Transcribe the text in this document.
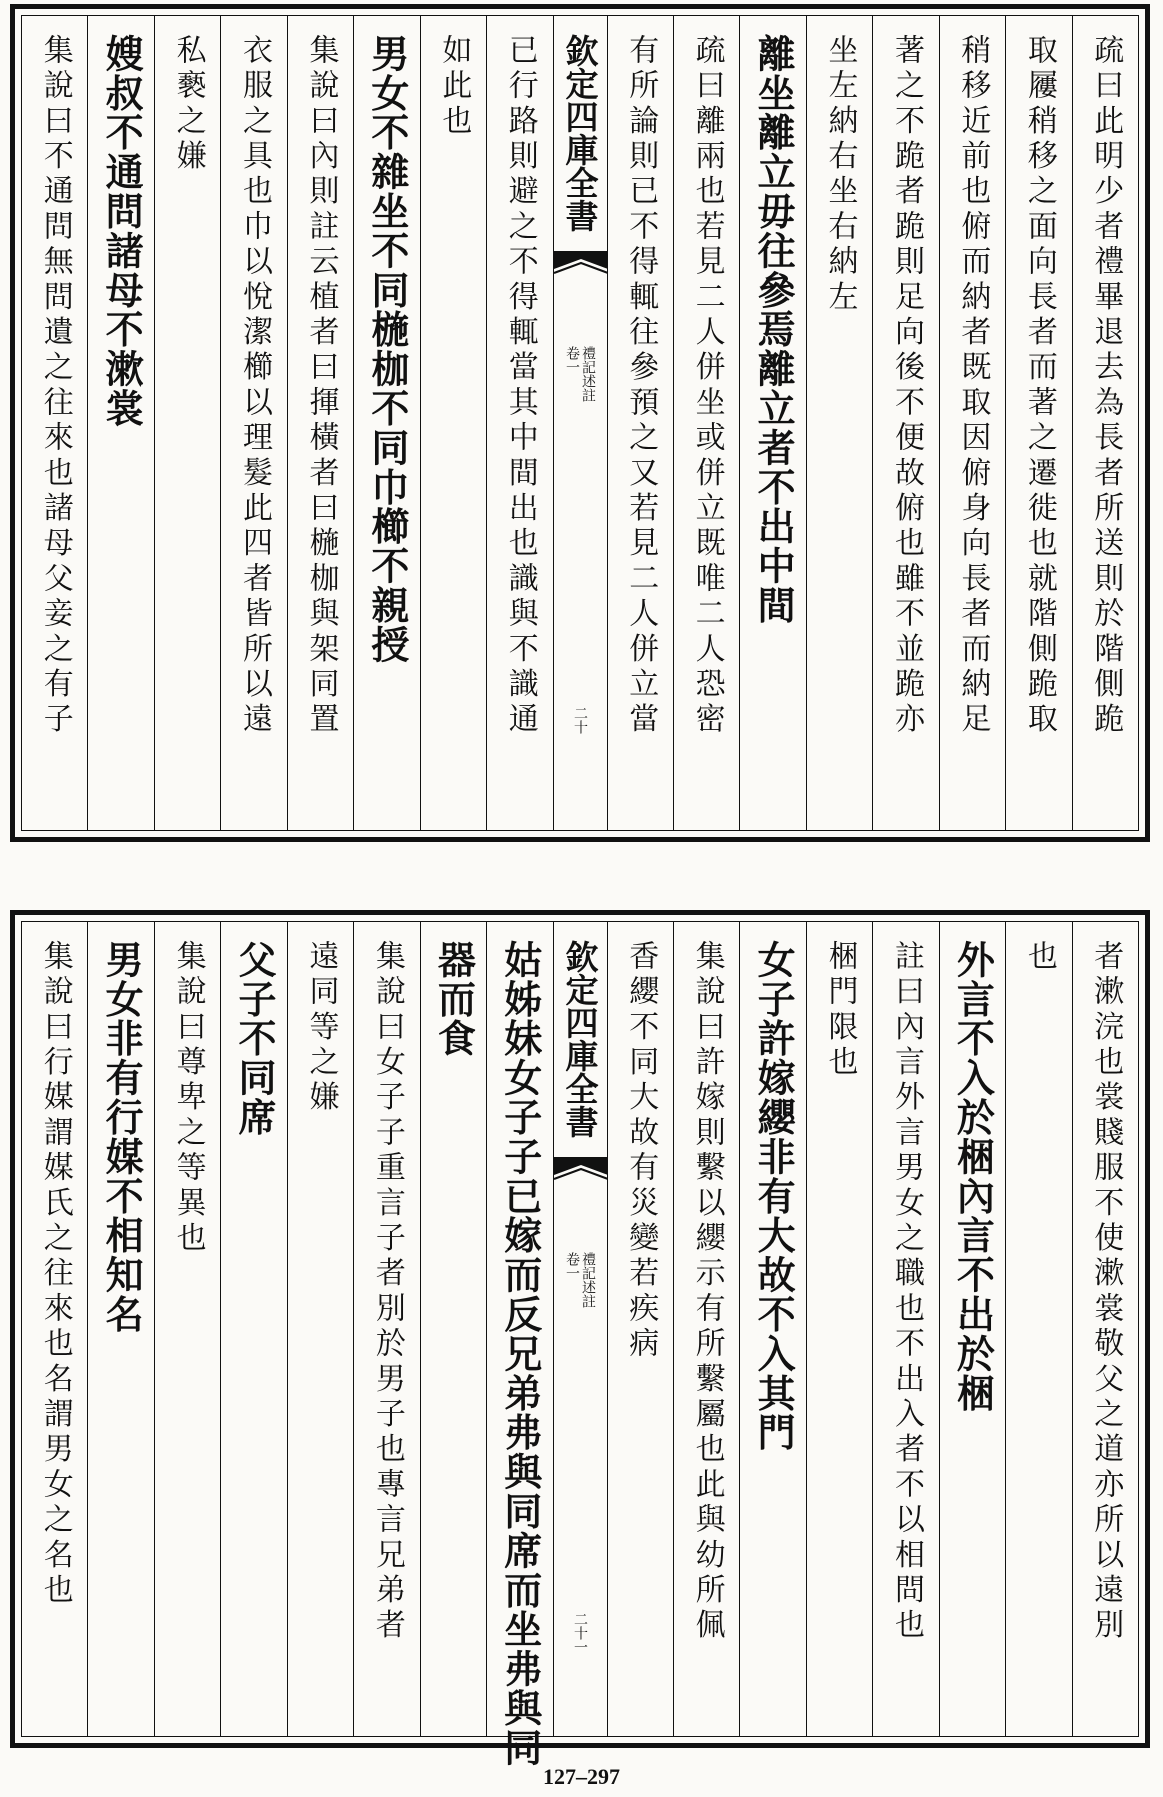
疏曰此明少者禮畢退去為長者所送則於階側跪
取屨稍移之面向長者而著之遷徙也就階側跪取
稍移近前也俯而納者既取因俯身向長者而納足
著之不跪者跪則足向後不便故俯也雖不並跪亦
坐左納右坐右納左
離坐離立毋往參焉離立者不出中間
疏曰離兩也若見二人併坐或併立既唯二人恐密
有所論則已不得輒往參預之又若見二人併立當
欽定四庫全書
禮記述註
卷一
二十
已行路則避之不得輒當其中間出也識與不識通
如此也
男女不雜坐不同椸枷不同巾櫛不親授
集說曰內則註云植者曰揮橫者曰椸枷與架同置
衣服之具也巾以悅潔櫛以理髮此四者皆所以遠
私褻之嫌
嫂叔不通問諸母不漱裳
集說曰不通問無問遺之往來也諸母父妾之有子
者漱浣也裳賤服不使漱裳敬父之道亦所以遠別
也
外言不入於梱內言不出於梱
註曰內言外言男女之職也不出入者不以相問也
梱門限也
女子許嫁纓非有大故不入其門
集說曰許嫁則繫以纓示有所繫屬也此與幼所佩
香纓不同大故有災變若疾病
欽定四庫全書
禮記述註
卷一
二十一
姑姊妹女子子已嫁而反兄弟弗與同席而坐弗與同
器而食
集說曰女子子重言子者別於男子也專言兄弟者
遠同等之嫌
父子不同席
集說曰尊卑之等異也
男女非有行媒不相知名
集說曰行媒謂媒氏之往來也名謂男女之名也
127–297
